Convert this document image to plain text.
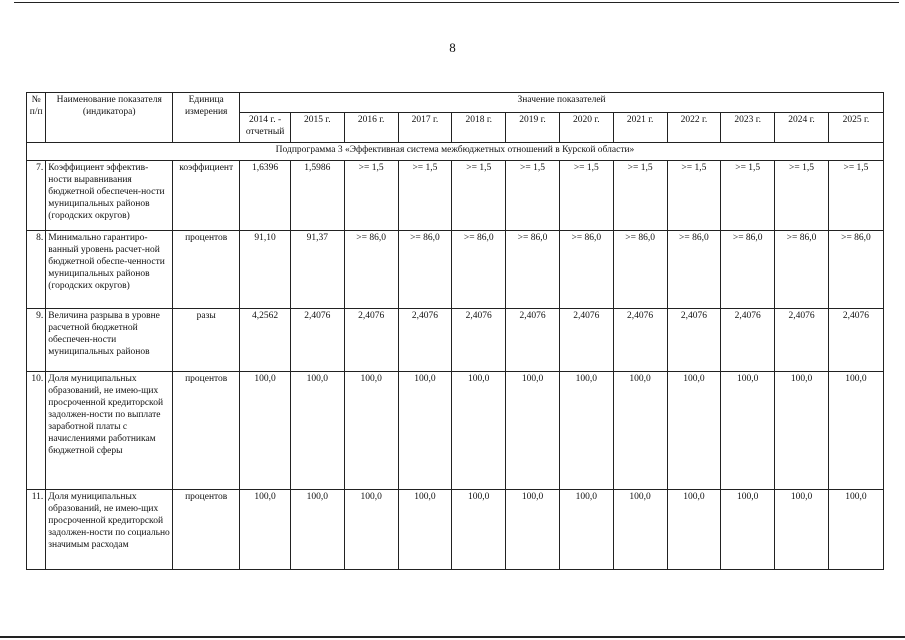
8
№ п/п	Наименование показателя (индикатора)	Единица измерения	Значение показателей											
			2014 г. - отчетный	2015 г.	2016 г.	2017 г.	2018 г.	2019 г.	2020 г.	2021 г.	2022 г.	2023 г.	2024 г.	2025 г.
Подпрограмма 3 «Эффективная система межбюджетных отношений в Курской области»														
7.	Коэффициент эффектив-ности выравнивания бюджетной обеспечен-ности муниципальных районов (городских округов)	коэффициент	1,6396	1,5986	>= 1,5	>= 1,5	>= 1,5	>= 1,5	>= 1,5	>= 1,5	>= 1,5	>= 1,5	>= 1,5	>= 1,5
8.	Минимально гарантиро-ванный уровень расчет-ной бюджетной обеспе-ченности муниципальных районов (городских округов)	процентов	91,10	91,37	>= 86,0	>= 86,0	>= 86,0	>= 86,0	>= 86,0	>= 86,0	>= 86,0	>= 86,0	>= 86,0	>= 86,0
9.	Величина разрыва в уровне расчетной бюджетной обеспечен-ности муниципальных районов	разы	4,2562	2,4076	2,4076	2,4076	2,4076	2,4076	2,4076	2,4076	2,4076	2,4076	2,4076	2,4076
10.	Доля муниципальных образований, не имею-щих просроченной кредиторской задолжен-ности по выплате заработной платы с начислениями работникам бюджетной сферы	процентов	100,0	100,0	100,0	100,0	100,0	100,0	100,0	100,0	100,0	100,0	100,0	100,0
11.	Доля муниципальных образований, не имею-щих просроченной кредиторской задолжен-ности по социально значимым расходам	процентов	100,0	100,0	100,0	100,0	100,0	100,0	100,0	100,0	100,0	100,0	100,0	100,0
